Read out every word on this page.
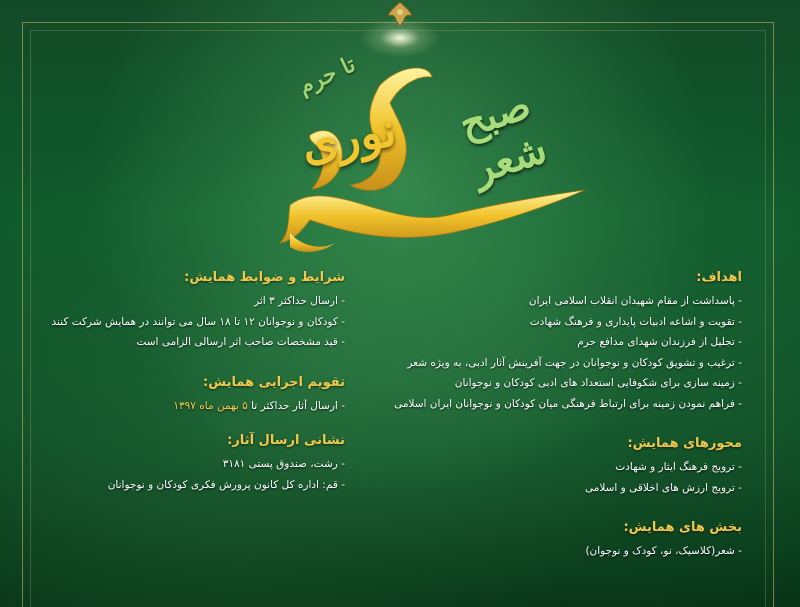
صبح شعر
نوری
تا حرم
اهداف:
- پاسداشت از مقام شهیدان انقلاب اسلامی ایران
- تقویت و اشاعه ادبیات پایداری و فرهنگ شهادت
- تجلیل از فرزندان شهدای مدافع حرم
- ترغیب و تشویق کودکان و نوجوانان در جهت آفرینش آثار ادبی، به ویژه شعر
- زمینه سازی برای شکوفایی استعداد های ادبی کودکان و نوجوانان
- فراهم نمودن زمینه برای ارتباط فرهنگی میان کودکان و نوجوانان ایران اسلامی
محورهای همایش:
- ترویج فرهنگ ایثار و شهادت
- ترویج ارزش های اخلاقی و اسلامی
بخش های همایش:
- شعر(کلاسیک، نو، کودک و نوجوان)
شرایط و ضوابط همایش:
- ارسال حداکثر ۳ اثر
- کودکان و نوجوانان ۱۲ تا ۱۸ سال می توانند در همایش شرکت کنند
- قید مشخصات صاحب اثر ارسالی الزامی است
تقویم اجرایی همایش:
- ارسال آثار حداکثر تا ۵ بهمن ماه ۱۳۹۷
نشانی ارسال آثار:
- رشت، صندوق پستی ۳۱۸۱
- قم: اداره کل کانون پرورش فکری کودکان و نوجوانان
